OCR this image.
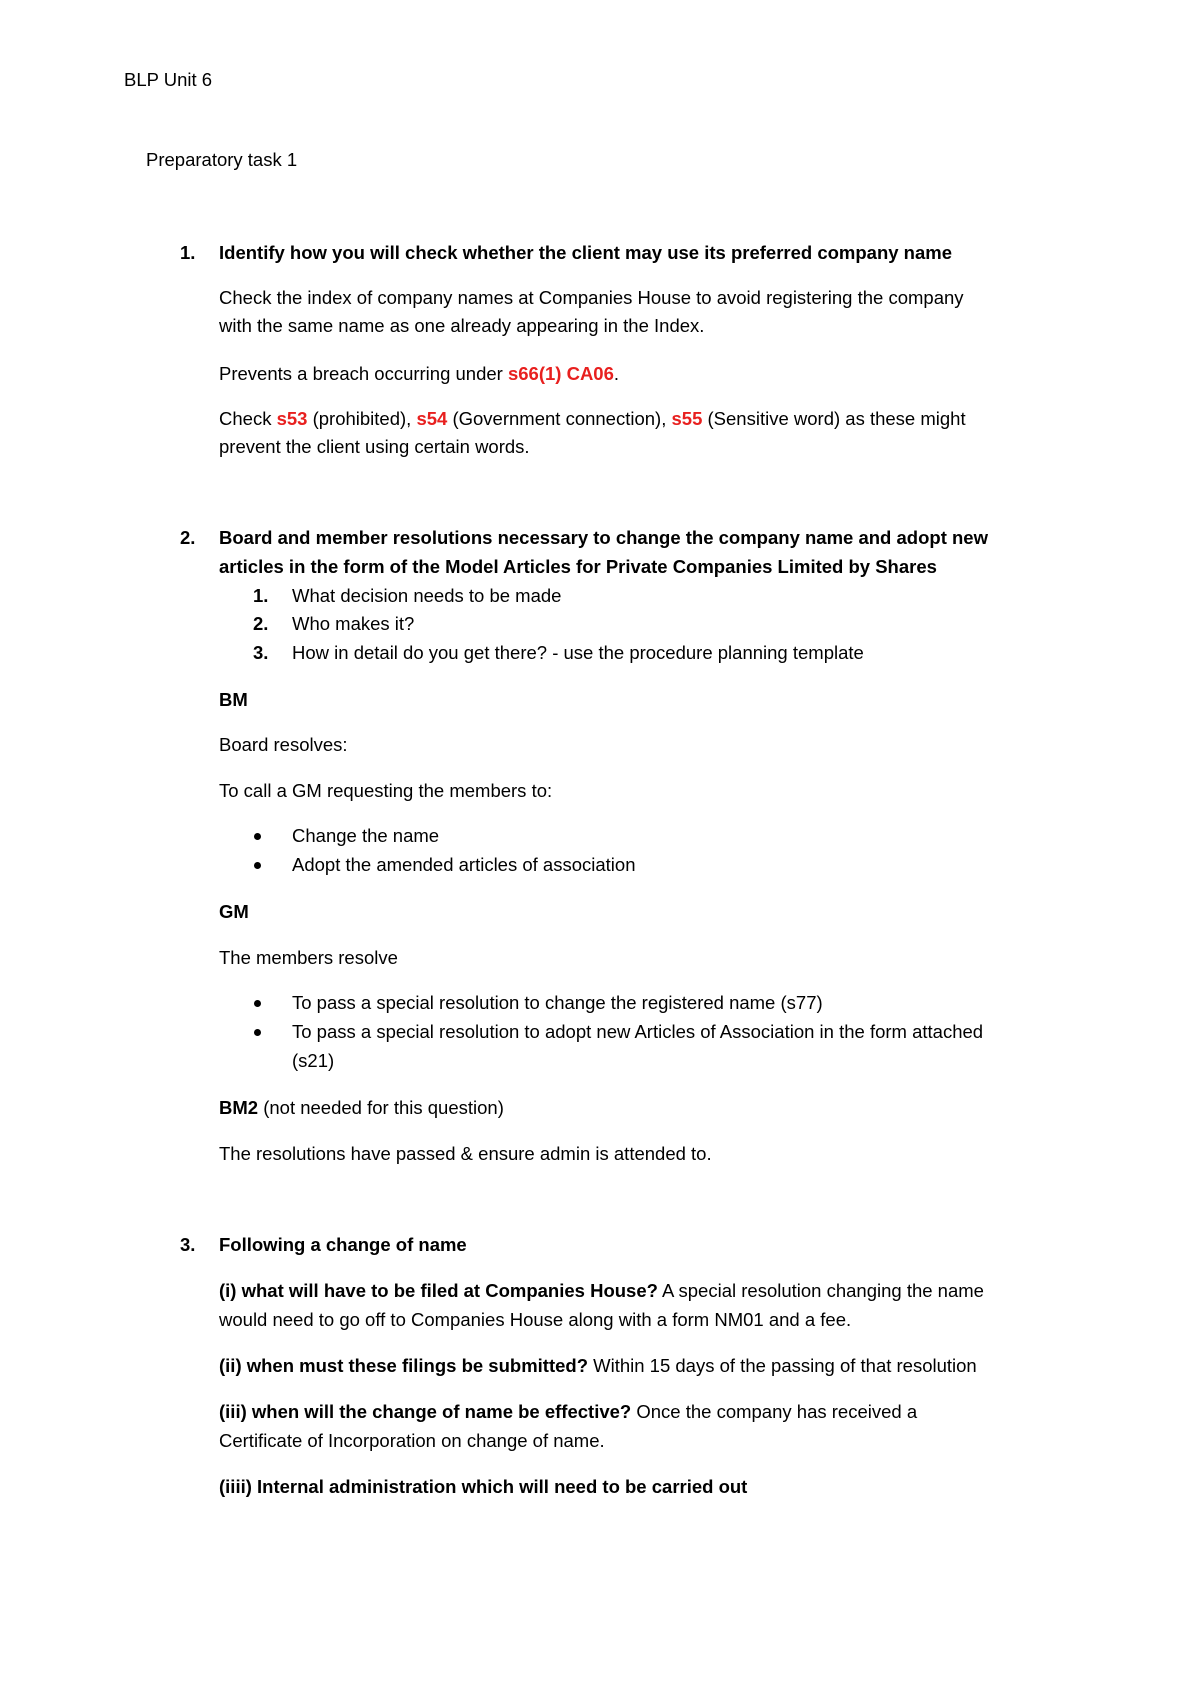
BLP Unit 6
Preparatory task 1
1. Identify how you will check whether the client may use its preferred company name
Check the index of company names at Companies House to avoid registering the company
with the same name as one already appearing in the Index.
Prevents a breach occurring under s66(1) CA06.
Check s53 (prohibited), s54 (Government connection), s55 (Sensitive word) as these might
prevent the client using certain words.
2. Board and member resolutions necessary to change the company name and adopt new
articles in the form of the Model Articles for Private Companies Limited by Shares
1. What decision needs to be made
2. Who makes it?
3. How in detail do you get there? - use the procedure planning template
BM
Board resolves:
To call a GM requesting the members to:
Change the name
Adopt the amended articles of association
GM
The members resolve
To pass a special resolution to change the registered name (s77)
To pass a special resolution to adopt new Articles of Association in the form attached
(s21)
BM2 (not needed for this question)
The resolutions have passed & ensure admin is attended to.
3. Following a change of name
(i) what will have to be filed at Companies House? A special resolution changing the name
would need to go off to Companies House along with a form NM01 and a fee.
(ii) when must these filings be submitted? Within 15 days of the passing of that resolution
(iii) when will the change of name be effective? Once the company has received a
Certificate of Incorporation on change of name.
(iiii) Internal administration which will need to be carried out
